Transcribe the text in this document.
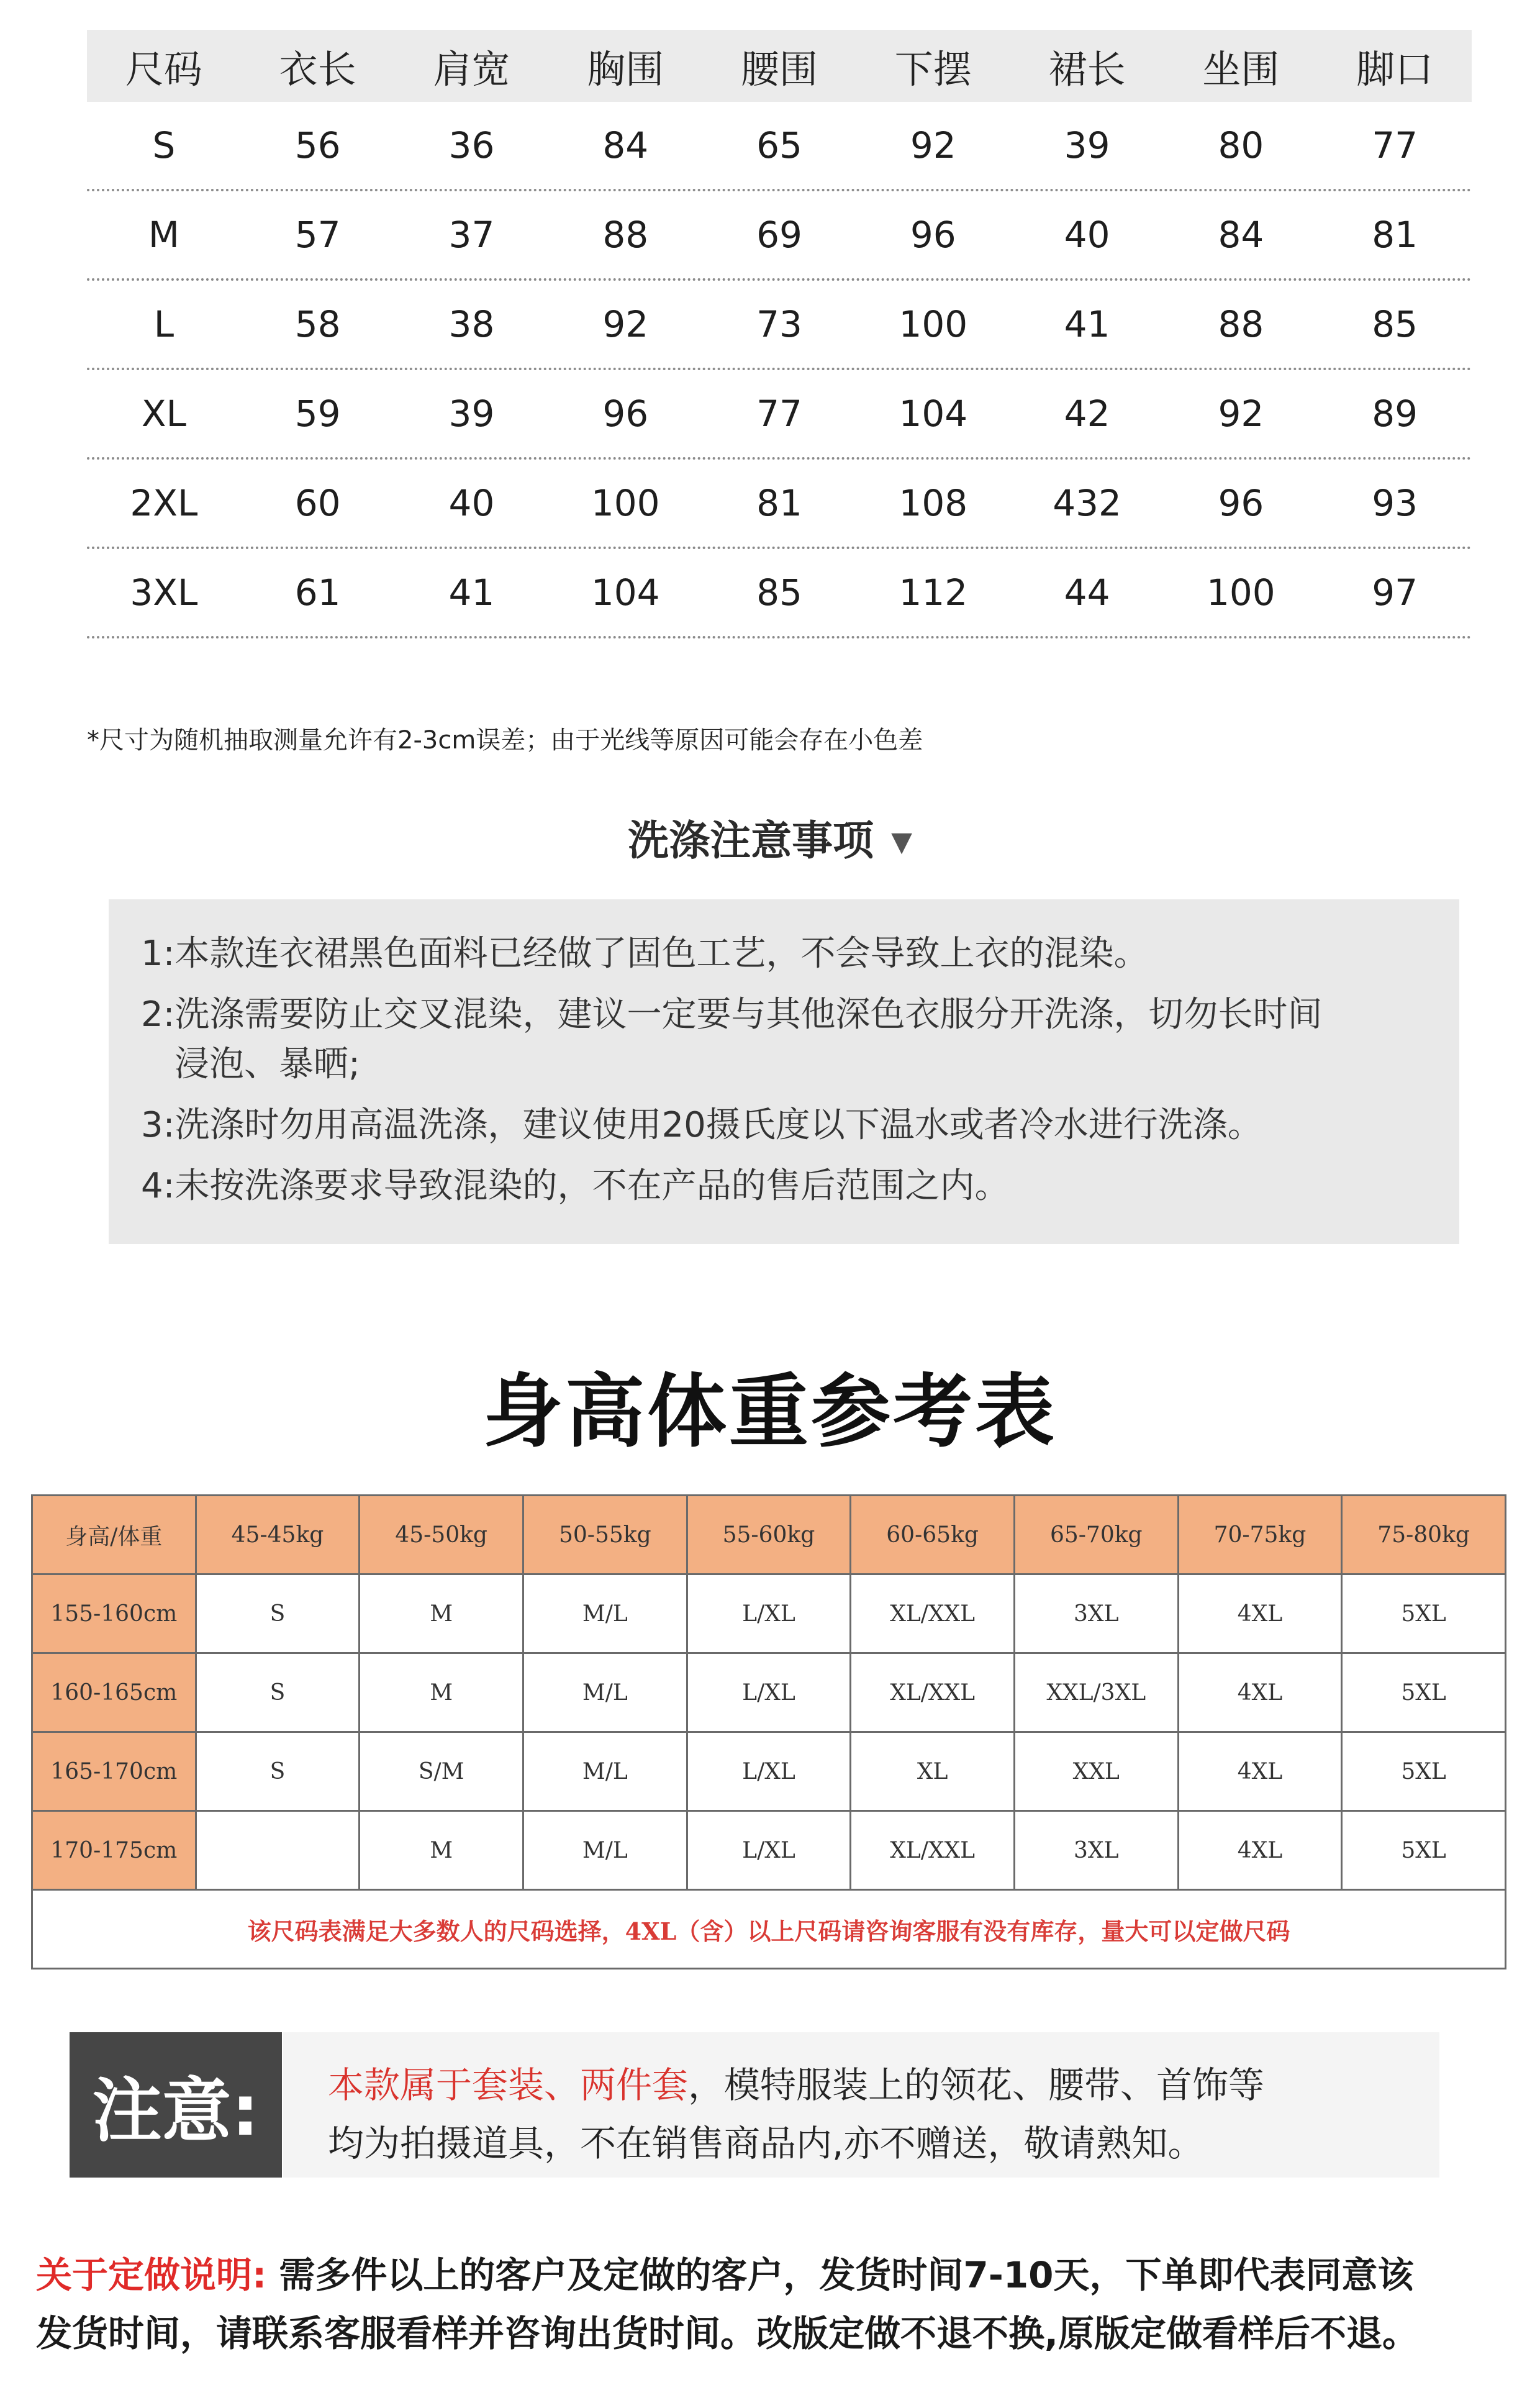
尺码	衣长	肩宽	胸围	腰围	下摆	裙长	坐围	脚口
S	56	36	84	65	92	39	80	77
M	57	37	88	69	96	40	84	81
L	58	38	92	73	100	41	88	85
XL	59	39	96	77	104	42	92	89
2XL	60	40	100	81	108	432	96	93
3XL	61	41	104	85	112	44	100	97
*尺寸为随机抽取测量允许有2-3cm误差；由于光线等原因可能会存在小色差
洗涤注意事项 ▼

1:本款连衣裙黑色面料已经做了固色工艺，不会导致上衣的混染。

2:洗涤需要防止交叉混染，建议一定要与其他深色衣服分开洗涤，切勿长时间
浸泡、暴晒;

3:洗涤时勿用高温洗涤，建议使用20摄氏度以下温水或者冷水进行洗涤。

4:未按洗涤要求导致混染的，不在产品的售后范围之内。

身高体重参考表
身高/体重	45-45kg	45-50kg	50-55kg	55-60kg	60-65kg	65-70kg	70-75kg	75-80kg
155-160cm	S	M	M/L	L/XL	XL/XXL	3XL	4XL	5XL
160-165cm	S	M	M/L	L/XL	XL/XXL	XXL/3XL	4XL	5XL
165-170cm	S	S/M	M/L	L/XL	XL	XXL	4XL	5XL
170-175cm		M	M/L	L/XL	XL/XXL	3XL	4XL	5XL
该尺码表满足大多数人的尺码选择，4XL（含）以上尺码请咨询客服有没有库存，量大可以定做尺码								
注意:	本款属于套装、两件套，模特服装上的领花、腰带、首饰等

均为拍摄道具，不在销售商品内,亦不赠送，敬请熟知。

关于定做说明: 需多件以上的客户及定做的客户，发货时间7-10天，下单即代表同意该
发货时间，请联系客服看样并咨询出货时间。改版定做不退不换,原版定做看样后不退。
